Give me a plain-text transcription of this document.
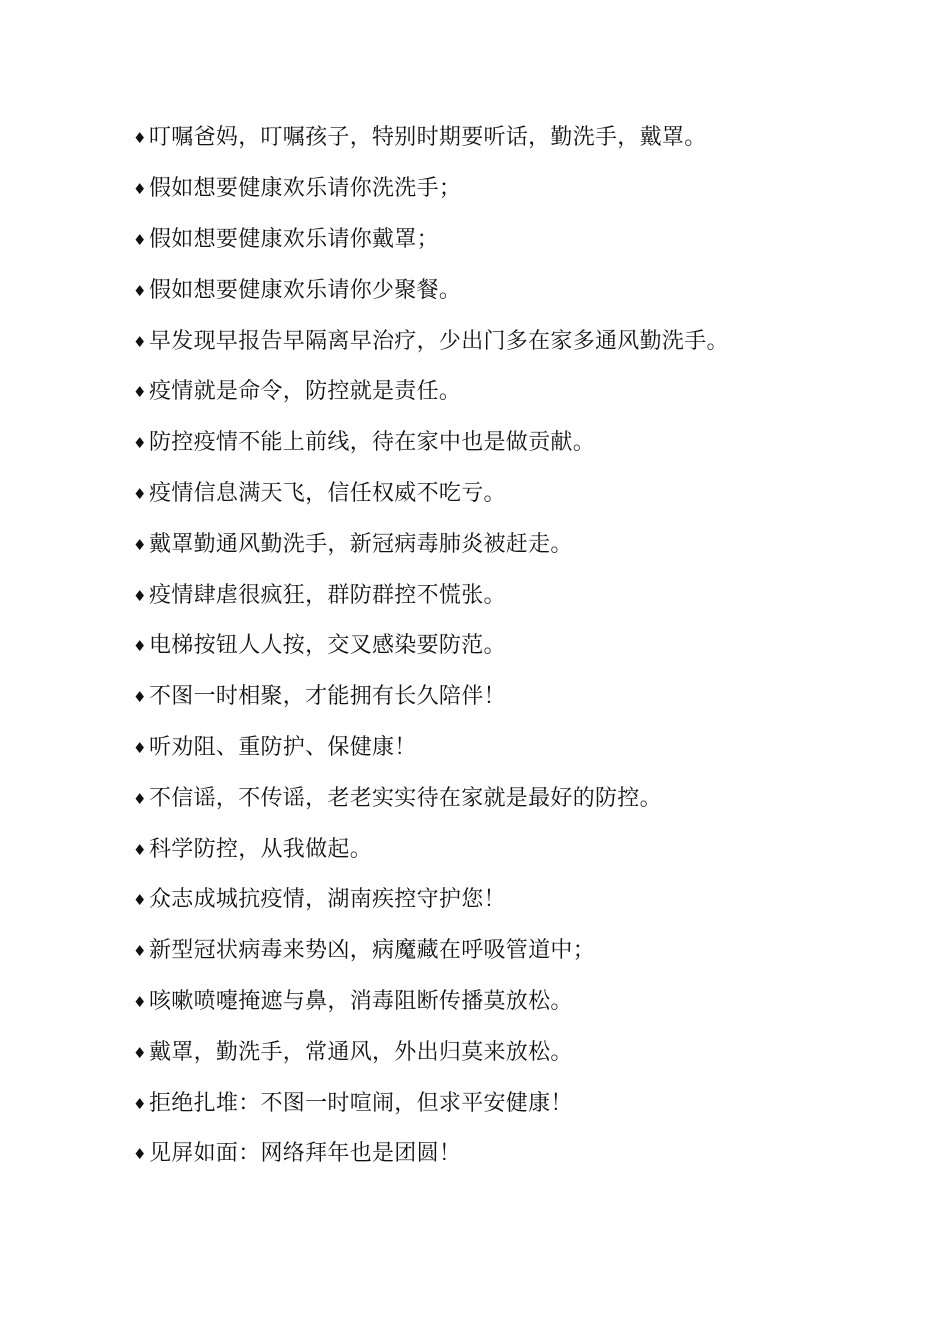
♦ 叮嘱爸妈，叮嘱孩子，特别时期要听话，勤洗手，戴罩。
♦ 假如想要健康欢乐请你洗洗手；
♦ 假如想要健康欢乐请你戴罩；
♦ 假如想要健康欢乐请你少聚餐。
♦ 早发现早报告早隔离早治疗，少出门多在家多通风勤洗手。
♦ 疫情就是命令，防控就是责任。
♦ 防控疫情不能上前线，待在家中也是做贡献。
♦ 疫情信息满天飞，信任权威不吃亏。
♦ 戴罩勤通风勤洗手，新冠病毒肺炎被赶走。
♦ 疫情肆虐很疯狂，群防群控不慌张。
♦ 电梯按钮人人按，交叉感染要防范。
♦ 不图一时相聚，才能拥有长久陪伴！
♦ 听劝阻、重防护、保健康！
♦ 不信谣，不传谣，老老实实待在家就是最好的防控。
♦ 科学防控，从我做起。
♦ 众志成城抗疫情，湖南疾控守护您！
♦ 新型冠状病毒来势凶，病魔藏在呼吸管道中；
♦ 咳嗽喷嚏掩遮与鼻，消毒阻断传播莫放松。
♦ 戴罩，勤洗手，常通风，外出归莫来放松。
♦ 拒绝扎堆：不图一时喧闹，但求平安健康！
♦ 见屏如面：网络拜年也是团圆！
